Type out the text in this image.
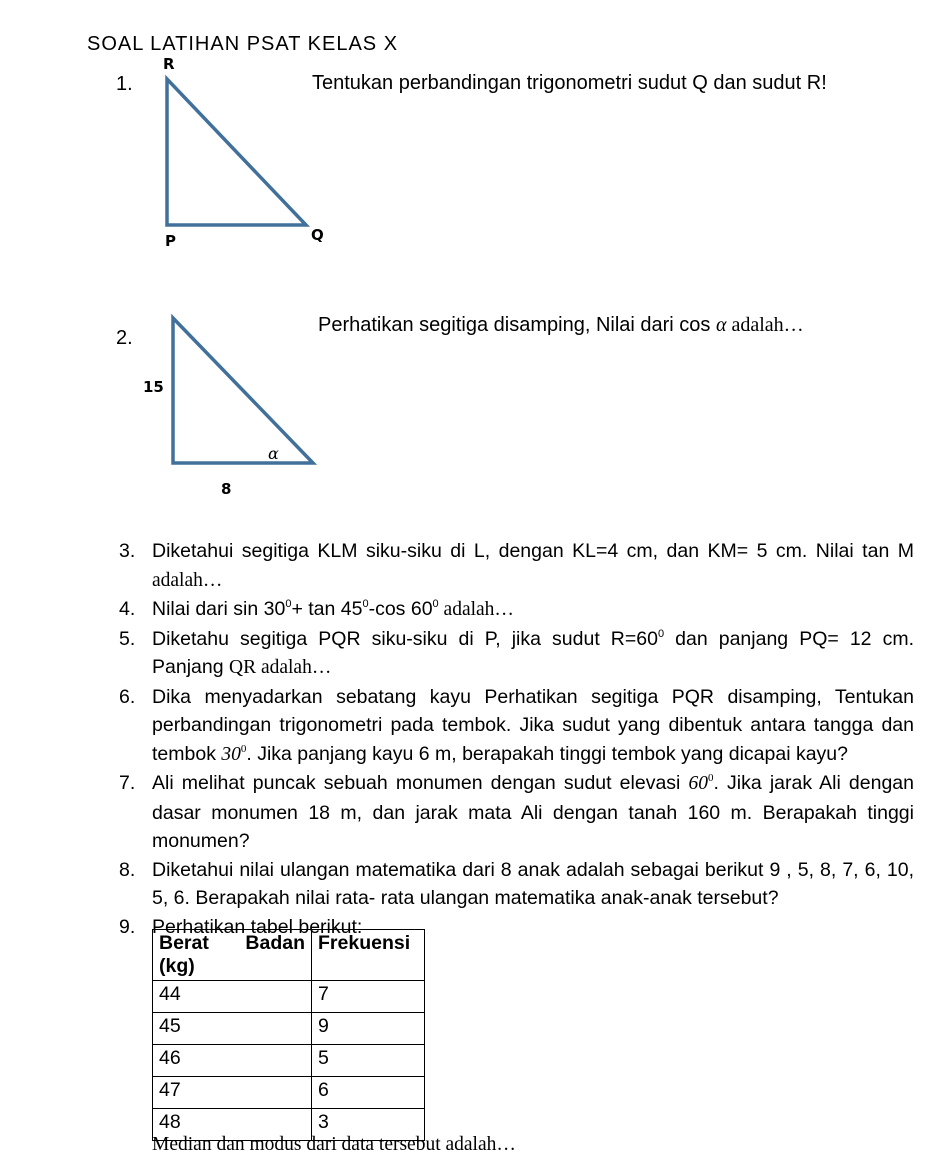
SOAL LATIHAN PSAT KELAS X
1.	Tentukan perbandingan trigonometri sudut Q dan sudut R!
R
P	Q
15
8
α
2.
Perhatikan segitiga disamping, Nilai dari cos α adalah…
3. Diketahui segitiga KLM siku-siku di L, dengan KL=4 cm, dan KM= 5 cm. Nilai tan M adalah…
4. Nilai dari $\sin 30^0+ \tan 45^0-\cos$ $60^0$ adalah…
5. Diketahu segitiga PQR siku-siku di P, jika sudut $R=60^0$ dan panjang PQ= 12 cm. Panjang QR adalah…
6. Dika menyadarkan sebatang kayu Perhatikan segitiga PQR disamping, Tentukan perbandingan trigonometri pada tembok. Jika sudut yang dibentuk antara tangga dan tembok $30^0$. Jika panjang kayu 6 m, berapakah tinggi tembok yang dicapai kayu?
7. Ali melihat puncak sebuah monumen dengan sudut elevasi $60^0$. Jika jarak Ali dengan dasar monumen 18 m, dan jarak mata Ali dengan tanah 160 m. Berapakah tinggi monumen?
8. Diketahui nilai ulangan matematika dari 8 anak adalah sebagai berikut 9 , 5, 8, 7, 6, 10, 5, 6. Berapakah nilai rata- rata ulangan matematika anak-anak tersebut?
9. Perhatikan tabel berikut:
Berat Badan
(kg)	Frekuensi
44	7
45	9
46	5
47	6
48	3
Median dan modus dari data tersebut adalah…
